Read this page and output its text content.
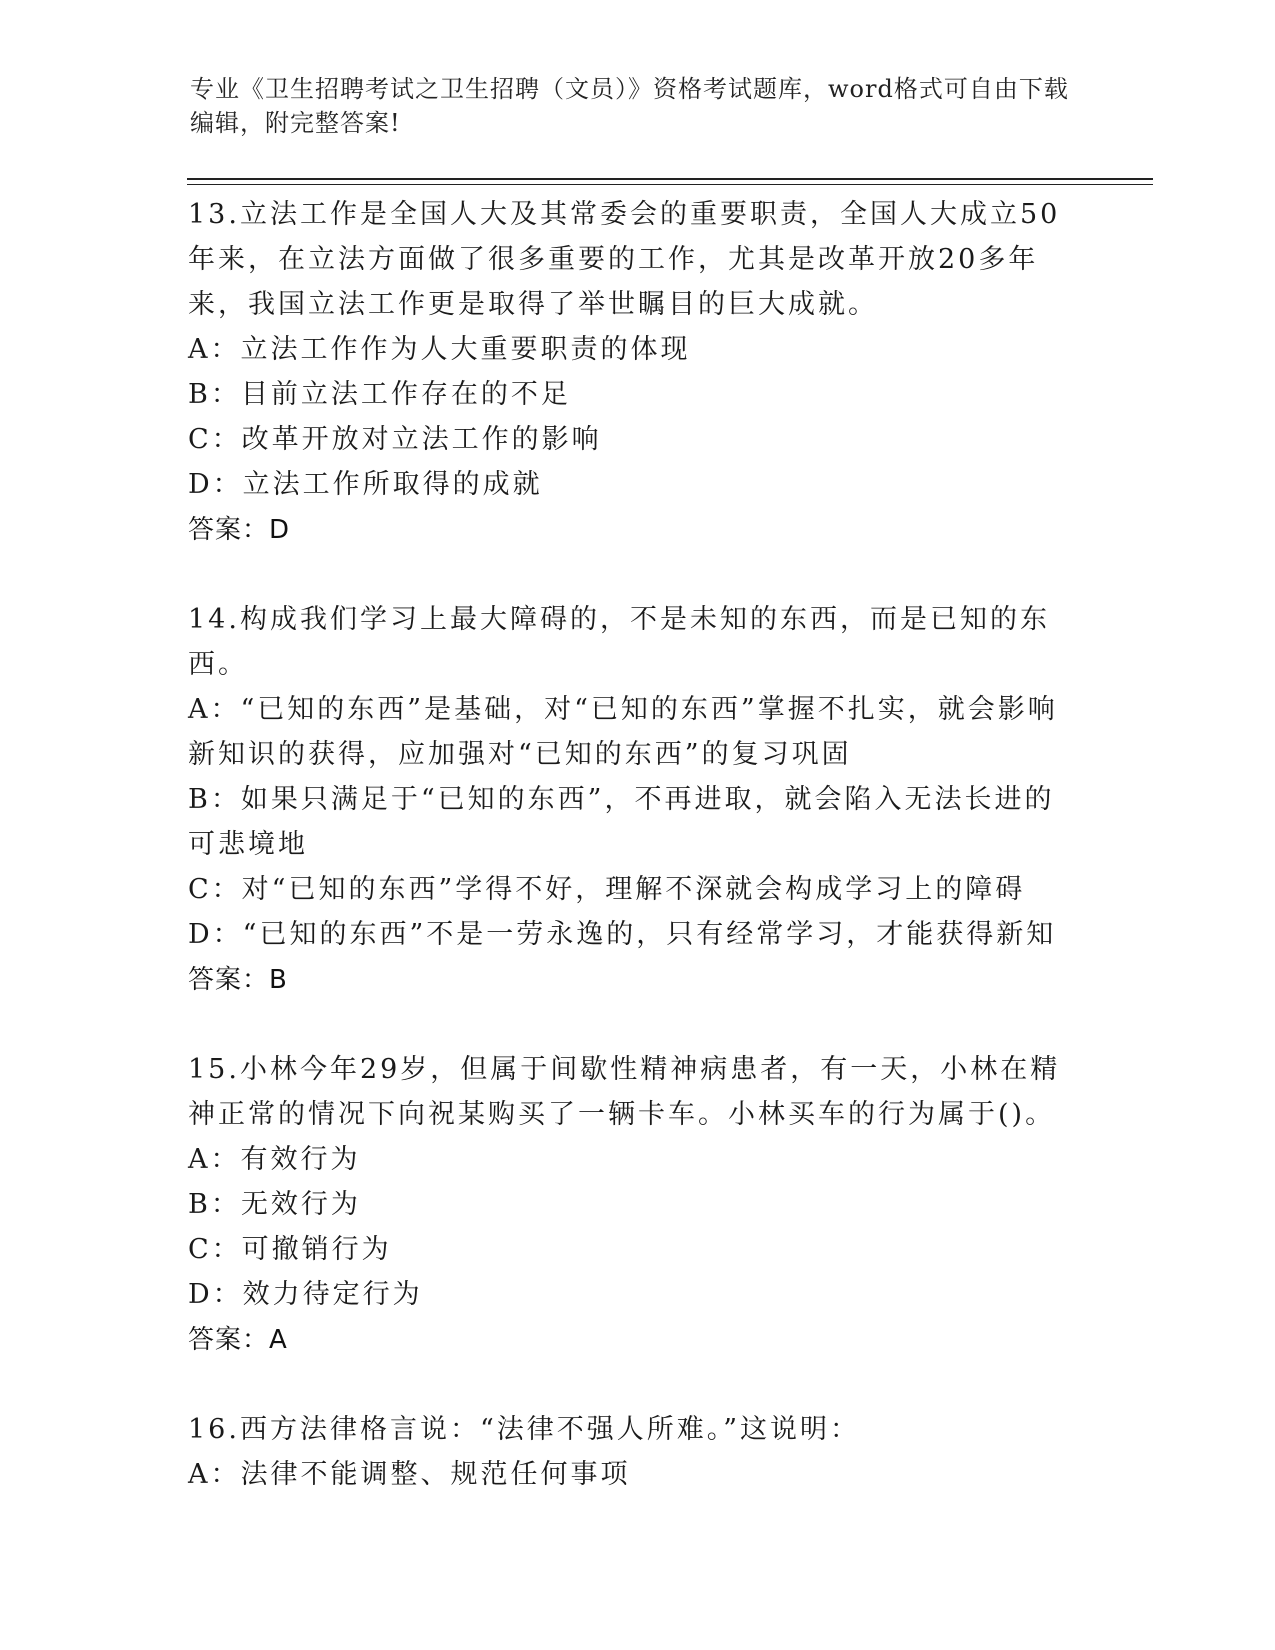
专业《卫生招聘考试之卫生招聘（文员）》资格考试题库，word格式可自由下载编辑，附完整答案!
13.立法工作是全国人大及其常委会的重要职责，全国人大成立50年来，在立法方面做了很多重要的工作，尤其是改革开放20多年来，我国立法工作更是取得了举世瞩目的巨大成就。
A：立法工作作为人大重要职责的体现
B：目前立法工作存在的不足
C：改革开放对立法工作的影响
D：立法工作所取得的成就
答案：D
14.构成我们学习上最大障碍的，不是未知的东西，而是已知的东西。
A：“已知的东西”是基础，对“已知的东西”掌握不扎实，就会影响新知识的获得，应加强对“已知的东西”的复习巩固
B：如果只满足于“已知的东西”，不再进取，就会陷入无法长进的可悲境地
C：对“已知的东西”学得不好，理解不深就会构成学习上的障碍
D：“已知的东西”不是一劳永逸的，只有经常学习，才能获得新知
答案：B
15.小林今年29岁，但属于间歇性精神病患者，有一天，小林在精神正常的情况下向祝某购买了一辆卡车。小林买车的行为属于()。
A：有效行为
B：无效行为
C：可撤销行为
D：效力待定行为
答案：A
16.西方法律格言说：“法律不强人所难。”这说明：
A：法律不能调整、规范任何事项
